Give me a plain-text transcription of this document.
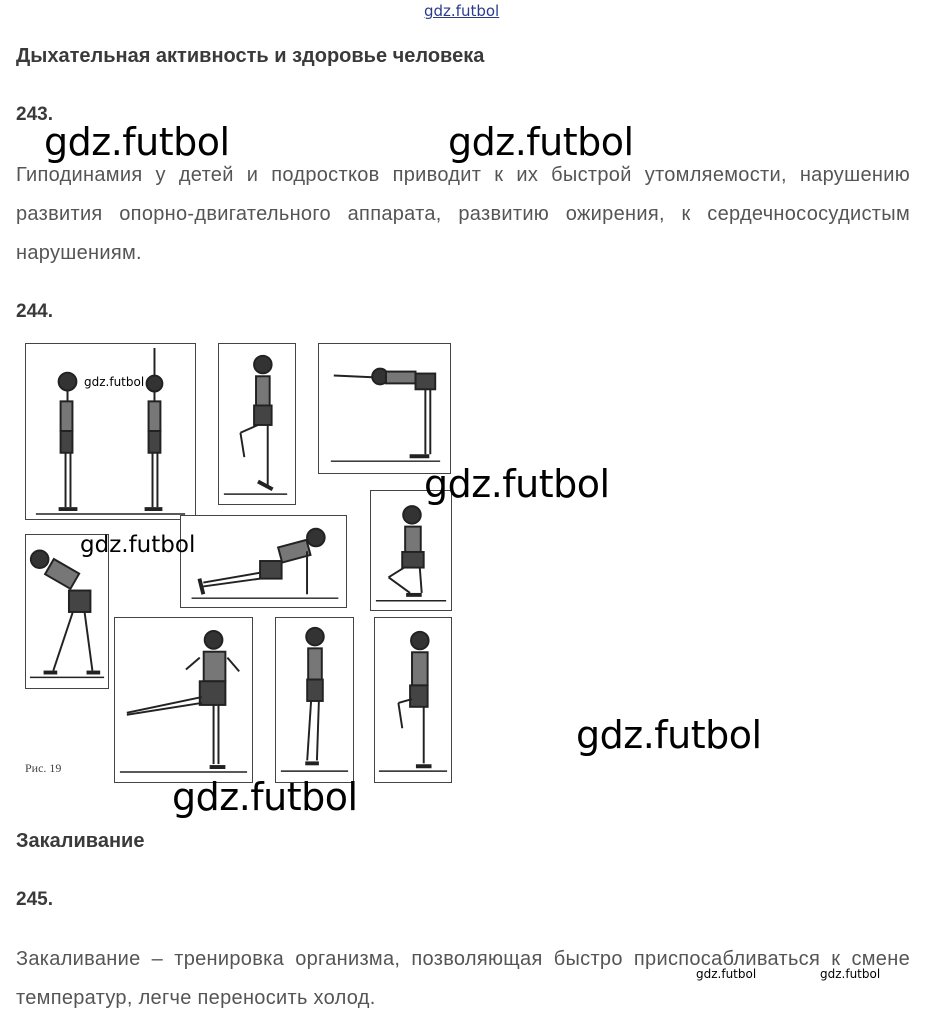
gdz.futbol
Дыхательная активность и здоровье человека
243.
gdz.futbol	gdz.futbol
Гиподинамия у детей и подростков приводит к их быстрой утомляемости, нарушению развития опорно-двигательного аппарата, развитию ожирения, к сердечнососудистым нарушениям.
244.
Рис. 19
gdz.futbol
gdz.futbol
gdz.futbol
gdz.futbol
gdz.futbol
Закаливание
245.
Закаливание – тренировка организма, позволяющая быстро приспосабливаться к смене температур, легче переносить холод.
gdz.futbol	gdz.futbol
